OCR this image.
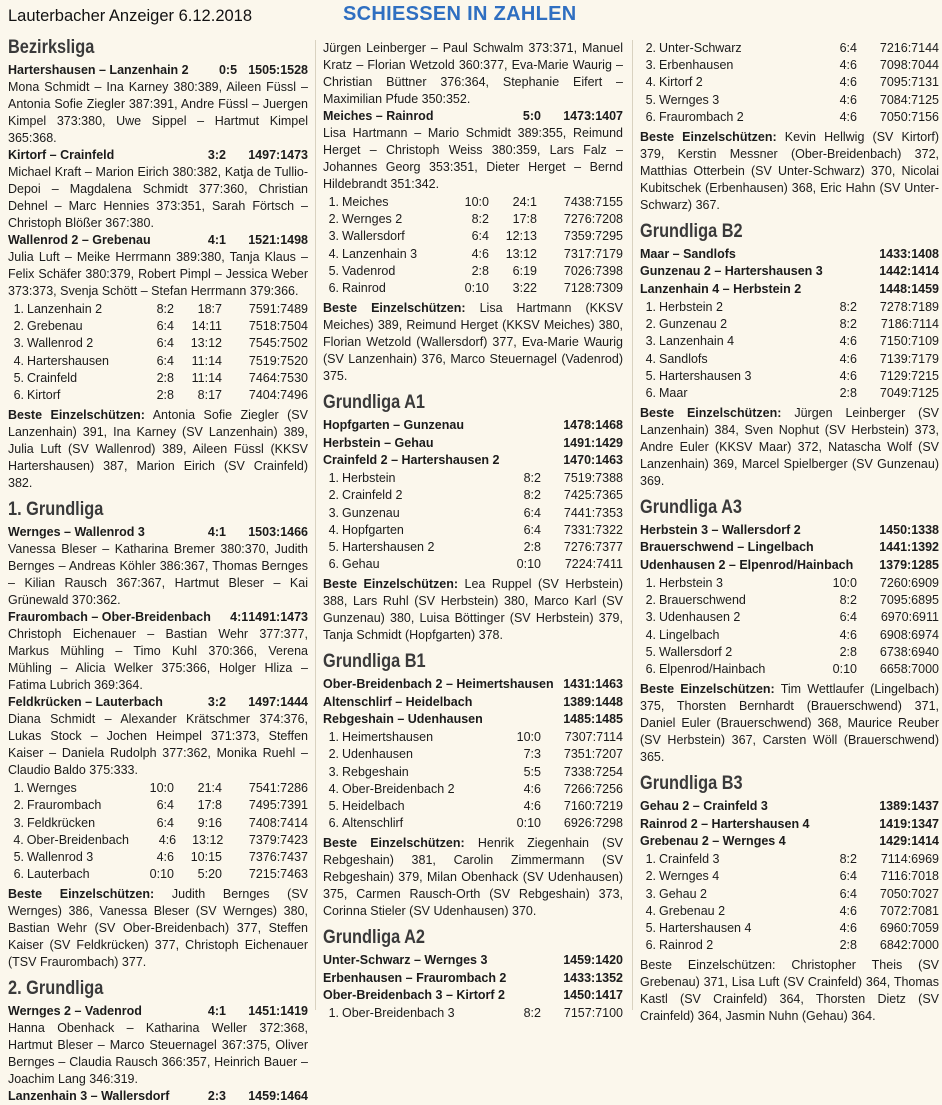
Lauterbacher Anzeiger 6.12.2018	SCHIESSEN IN ZAHLEN
Bezirksliga
Hartershausen – Lanzenhain 2	0:5 1505:1528
Mona Schmidt – Ina Karney 380:389, Aileen Füssl – Antonia Sofie Ziegler 387:391, Andre Füssl – Juergen Kimpel 373:380, Uwe Sippel – Hartmut Kimpel 365:368.
Kirtorf – Crainfeld	3:2	1497:1473
Michael Kraft – Marion Eirich 380:382, Katja de Tullio-Depoi – Magdalena Schmidt 377:360, Christian Dehnel – Marc Hennies 373:351, Sarah Förtsch – Christoph Blößer 367:380.
Wallenrod 2 – Grebenau	4:1	1521:1498
Julia Luft – Meike Herrmann 389:380, Tanja Klaus – Felix Schäfer 380:379, Robert Pimpl – Jessica Weber 373:373, Svenja Schött – Stefan Herrmann 379:366.
1. Lanzenhain 2	8:2	18:7	7591:7489
2. Grebenau	6:4	14:11	7518:7504
3. Wallenrod 2	6:4	13:12	7545:7502
4. Hartershausen	6:4	11:14	7519:7520
5. Crainfeld	2:8	11:14	7464:7530
6. Kirtorf	2:8	8:17	7404:7496
Beste Einzelschützen: Antonia Sofie Ziegler (SV Lanzenhain) 391, Ina Karney (SV Lanzenhain) 389, Julia Luft (SV Wallenrod) 389, Aileen Füssl (KKSV Hartershausen) 387, Marion Eirich (SV Crainfeld) 382.
1. Grundliga
Wernges – Wallenrod 3	4:1	1503:1466
Vanessa Bleser – Katharina Bremer 380:370, Judith Bernges – Andreas Köhler 386:367, Thomas Bernges – Kilian Rausch 367:367, Hartmut Bleser – Kai Grünewald 370:362.
Fraurombach – Ober-Breidenbach	4:1 1491:1473
Christoph Eichenauer – Bastian Wehr 377:377, Markus Mühling – Timo Kuhl 370:366, Verena Mühling – Alicia Welker 375:366, Holger Hliza – Fatima Lubrich 369:364.
Feldkrücken – Lauterbach	3:2	1497:1444
Diana Schmidt – Alexander Krätschmer 374:376, Lukas Stock – Jochen Heimpel 371:373, Steffen Kaiser – Daniela Rudolph 377:362, Monika Ruehl – Claudio Baldo 375:333.
1. Wernges	10:0	21:4	7541:7286
2. Fraurombach	6:4	17:8	7495:7391
3. Feldkrücken	6:4	9:16	7408:7414
4. Ober-Breidenbach	4:6	13:12	7379:7423
5. Wallenrod 3	4:6	10:15	7376:7437
6. Lauterbach	0:10	5:20	7215:7463
Beste Einzelschützen: Judith Bernges (SV Wernges) 386, Vanessa Bleser (SV Wernges) 380, Bastian Wehr (SV Ober-Breidenbach) 377, Steffen Kaiser (SV Feldkrücken) 377, Christoph Eichenauer (TSV Fraurombach) 377.
2. Grundliga
Wernges 2 – Vadenrod	4:1	1451:1419
Hanna Obenhack – Katharina Weller 372:368, Hartmut Bleser – Marco Steuernagel 367:375, Oliver Bernges – Claudia Rausch 366:357, Heinrich Bauer – Joachim Lang 346:319.
Lanzenhain 3 – Wallersdorf	2:3	1459:1464
Jürgen Leinberger – Paul Schwalm 373:371, Manuel Kratz – Florian Wetzold 360:377, Eva-Marie Waurig – Christian Büttner 376:364, Stephanie Eifert – Maximilian Pfude 350:352.
Meiches – Rainrod	5:0	1473:1407
Lisa Hartmann – Mario Schmidt 389:355, Reimund Herget – Christoph Weiss 380:359, Lars Falz – Johannes Georg 353:351, Dieter Herget – Bernd Hildebrandt 351:342.
1. Meiches	10:0	24:1	7438:7155
2. Wernges 2	8:2	17:8	7276:7208
3. Wallersdorf	6:4	12:13	7359:7295
4. Lanzenhain 3	4:6	13:12	7317:7179
5. Vadenrod	2:8	6:19	7026:7398
6. Rainrod	0:10	3:22	7128:7309
Beste Einzelschützen: Lisa Hartmann (KKSV Meiches) 389, Reimund Herget (KKSV Meiches) 380, Florian Wetzold (Wallersdorf) 377, Eva-Marie Waurig (SV Lanzenhain) 376, Marco Steuernagel (Vadenrod) 375.
Grundliga A1
Hopfgarten – Gunzenau	1478:1468
Herbstein – Gehau	1491:1429
Crainfeld 2 – Hartershausen 2	1470:1463
1. Herbstein	8:2	7519:7388
2. Crainfeld 2	8:2	7425:7365
3. Gunzenau	6:4	7441:7353
4. Hopfgarten	6:4	7331:7322
5. Hartershausen 2	2:8	7276:7377
6. Gehau	0:10	7224:7411
Beste Einzelschützen: Lea Ruppel (SV Herbstein) 388, Lars Ruhl (SV Herbstein) 380, Marco Karl (SV Gunzenau) 380, Luisa Böttinger (SV Herbstein) 379, Tanja Schmidt (Hopfgarten) 378.
Grundliga B1
Ober-Breidenbach 2 – Heimertshausen 1431:1463
Altenschlirf – Heidelbach	1389:1448
Rebgeshain – Udenhausen	1485:1485
1. Heimertshausen	10:0	7307:7114
2. Udenhausen	7:3	7351:7207
3. Rebgeshain	5:5	7338:7254
4. Ober-Breidenbach 2	4:6	7266:7256
5. Heidelbach	4:6	7160:7219
6. Altenschlirf	0:10	6926:7298
Beste Einzelschützen: Henrik Ziegenhain (SV Rebgeshain) 381, Carolin Zimmermann (SV Rebgeshain) 379, Milan Obenhack (SV Udenhausen) 375, Carmen Rausch-Orth (SV Rebgeshain) 373, Corinna Stieler (SV Udenhausen) 370.
Grundliga A2
Unter-Schwarz – Wernges 3	1459:1420
Erbenhausen – Fraurombach 2	1433:1352
Ober-Breidenbach 3 – Kirtorf 2	1450:1417
1. Ober-Breidenbach 3	8:2	7157:7100
2. Unter-Schwarz	6:4	7216:7144
3. Erbenhausen	4:6	7098:7044
4. Kirtorf 2	4:6	7095:7131
5. Wernges 3	4:6	7084:7125
6. Fraurombach 2	4:6	7050:7156
Beste Einzelschützen: Kevin Hellwig (SV Kirtorf) 379, Kerstin Messner (Ober-Breidenbach) 372, Matthias Otterbein (SV Unter-Schwarz) 370, Nicolai Kubitschek (Erbenhausen) 368, Eric Hahn (SV Unter-Schwarz) 367.
Grundliga B2
Maar – Sandlofs	1433:1408
Gunzenau 2 – Hartershausen 3	1442:1414
Lanzenhain 4 – Herbstein 2	1448:1459
1. Herbstein 2	8:2	7278:7189
2. Gunzenau 2	8:2	7186:7114
3. Lanzenhain 4	4:6	7150:7109
4. Sandlofs	4:6	7139:7179
5. Hartershausen 3	4:6	7129:7215
6. Maar	2:8	7049:7125
Beste Einzelschützen: Jürgen Leinberger (SV Lanzenhain) 384, Sven Nophut (SV Herbstein) 373, Andre Euler (KKSV Maar) 372, Natascha Wolf (SV Lanzenhain) 369, Marcel Spielberger (SV Gunzenau) 369.
Grundliga A3
Herbstein 3 – Wallersdorf 2	1450:1338
Brauerschwend – Lingelbach	1441:1392
Udenhausen 2 – Elpenrod/Hainbach	1379:1285
1. Herbstein 3	10:0	7260:6909
2. Brauerschwend	8:2	7095:6895
3. Udenhausen 2	6:4	6970:6911
4. Lingelbach	4:6	6908:6974
5. Wallersdorf 2	2:8	6738:6940
6. Elpenrod/Hainbach	0:10	6658:7000
Beste Einzelschützen: Tim Wettlaufer (Lingelbach) 375, Thorsten Bernhardt (Brauerschwend) 371, Daniel Euler (Brauerschwend) 368, Maurice Reuber (SV Herbstein) 367, Carsten Wöll (Brauerschwend) 365.
Grundliga B3
Gehau 2 – Crainfeld 3	1389:1437
Rainrod 2 – Hartershausen 4	1419:1347
Grebenau 2 – Wernges 4	1429:1414
1. Crainfeld 3	8:2	7114:6969
2. Wernges 4	6:4	7116:7018
3. Gehau 2	6:4	7050:7027
4. Grebenau 2	4:6	7072:7081
5. Hartershausen 4	4:6	6960:7059
6. Rainrod 2	2:8	6842:7000
Beste Einzelschützen: Christopher Theis (SV Grebenau) 371, Lisa Luft (SV Crainfeld) 364, Thomas Kastl (SV Crainfeld) 364, Thorsten Dietz (SV Crainfeld) 364, Jasmin Nuhn (Gehau) 364.
